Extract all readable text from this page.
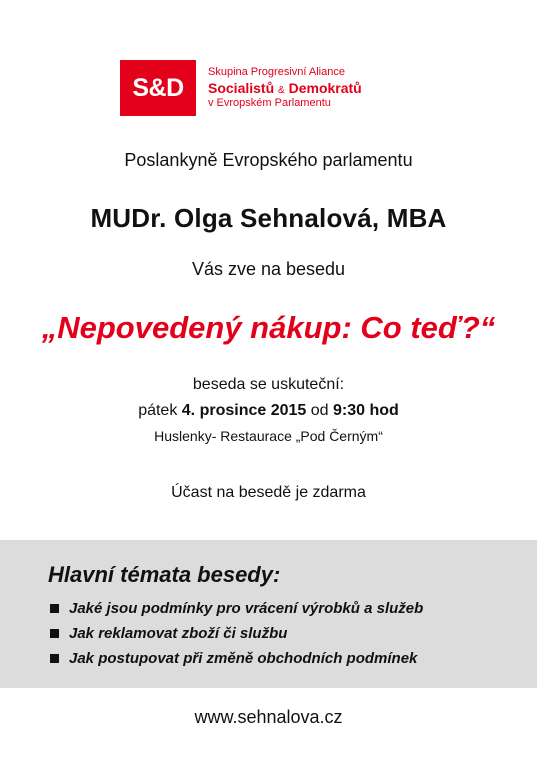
S&D
Skupina Progresivní Aliance
Socialistů & Demokratů
v Evropském Parlamentu
Poslankyně Evropského parlamentu
MUDr. Olga Sehnalová, MBA
Vás zve na besedu
„Nepovedený nákup: Co teď?“
beseda se uskuteční:
pátek 4. prosince 2015 od 9:30 hod
Huslenky- Restaurace „Pod Černým“
Účast na besedě je zdarma
Hlavní témata besedy:
Jaké jsou podmínky pro vrácení výrobků a služeb
Jak reklamovat zboží či službu
Jak postupovat při změně obchodních podmínek
www.sehnalova.cz
